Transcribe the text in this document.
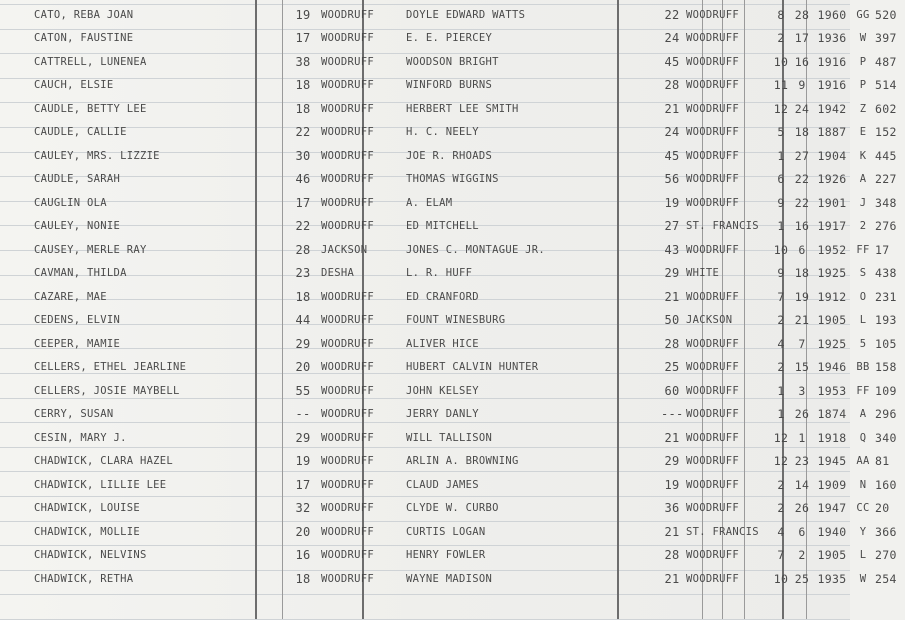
CATO, REBA JOAN	19	WOODRUFF	DOYLE EDWARD WATTS	22	WOODRUFF	8	28	1960	GG	520
CATON, FAUSTINE	17	WOODRUFF	E. E. PIERCEY	24	WOODRUFF	2	17	1936	W	397
CATTRELL, LUNENEA	38	WOODRUFF	WOODSON BRIGHT	45	WOODRUFF	10	16	1916	P	487
CAUCH, ELSIE	18	WOODRUFF	WINFORD BURNS	28	WOODRUFF	11	9	1916	P	514
CAUDLE, BETTY LEE	18	WOODRUFF	HERBERT LEE SMITH	21	WOODRUFF	12	24	1942	Z	602
CAUDLE, CALLIE	22	WOODRUFF	H. C. NEELY	24	WOODRUFF	5	18	1887	E	152
CAULEY, MRS. LIZZIE	30	WOODRUFF	JOE R. RHOADS	45	WOODRUFF	1	27	1904	K	445
CAUDLE, SARAH	46	WOODRUFF	THOMAS WIGGINS	56	WOODRUFF	6	22	1926	A	227
CAUGLIN OLA	17	WOODRUFF	A. ELAM	19	WOODRUFF	9	22	1901	J	348
CAULEY, NONIE	22	WOODRUFF	ED MITCHELL	27	ST. FRANCIS	1	16	1917	2	276
CAUSEY, MERLE RAY	28	JACKSON	JONES C. MONTAGUE JR.	43	WOODRUFF	10	6	1952	FF	17
CAVMAN, THILDA	23	DESHA	L. R. HUFF	29	WHITE	9	18	1925	S	438
CAZARE, MAE	18	WOODRUFF	ED CRANFORD	21	WOODRUFF	7	19	1912	O	231
CEDENS, ELVIN	44	WOODRUFF	FOUNT WINESBURG	50	JACKSON	2	21	1905	L	193
CEEPER, MAMIE	29	WOODRUFF	ALIVER HICE	28	WOODRUFF	4	7	1925	5	105
CELLERS, ETHEL JEARLINE	20	WOODRUFF	HUBERT CALVIN HUNTER	25	WOODRUFF	2	15	1946	BB	158
CELLERS, JOSIE MAYBELL	55	WOODRUFF	JOHN KELSEY	60	WOODRUFF	1	3	1953	FF	109
CERRY, SUSAN	--	WOODRUFF	JERRY DANLY	---	WOODRUFF	1	26	1874	A	296
CESIN, MARY J.	29	WOODRUFF	WILL TALLISON	21	WOODRUFF	12	1	1918	Q	340
CHADWICK, CLARA HAZEL	19	WOODRUFF	ARLIN A. BROWNING	29	WOODRUFF	12	23	1945	AA	81
CHADWICK, LILLIE LEE	17	WOODRUFF	CLAUD JAMES	19	WOODRUFF	2	14	1909	N	160
CHADWICK, LOUISE	32	WOODRUFF	CLYDE W. CURBO	36	WOODRUFF	2	26	1947	CC	20
CHADWICK, MOLLIE	20	WOODRUFF	CURTIS LOGAN	21	ST. FRANCIS	4	6	1940	Y	366
CHADWICK, NELVINS	16	WOODRUFF	HENRY FOWLER	28	WOODRUFF	7	2	1905	L	270
CHADWICK, RETHA	18	WOODRUFF	WAYNE MADISON	21	WOODRUFF	10	25	1935	W	254
